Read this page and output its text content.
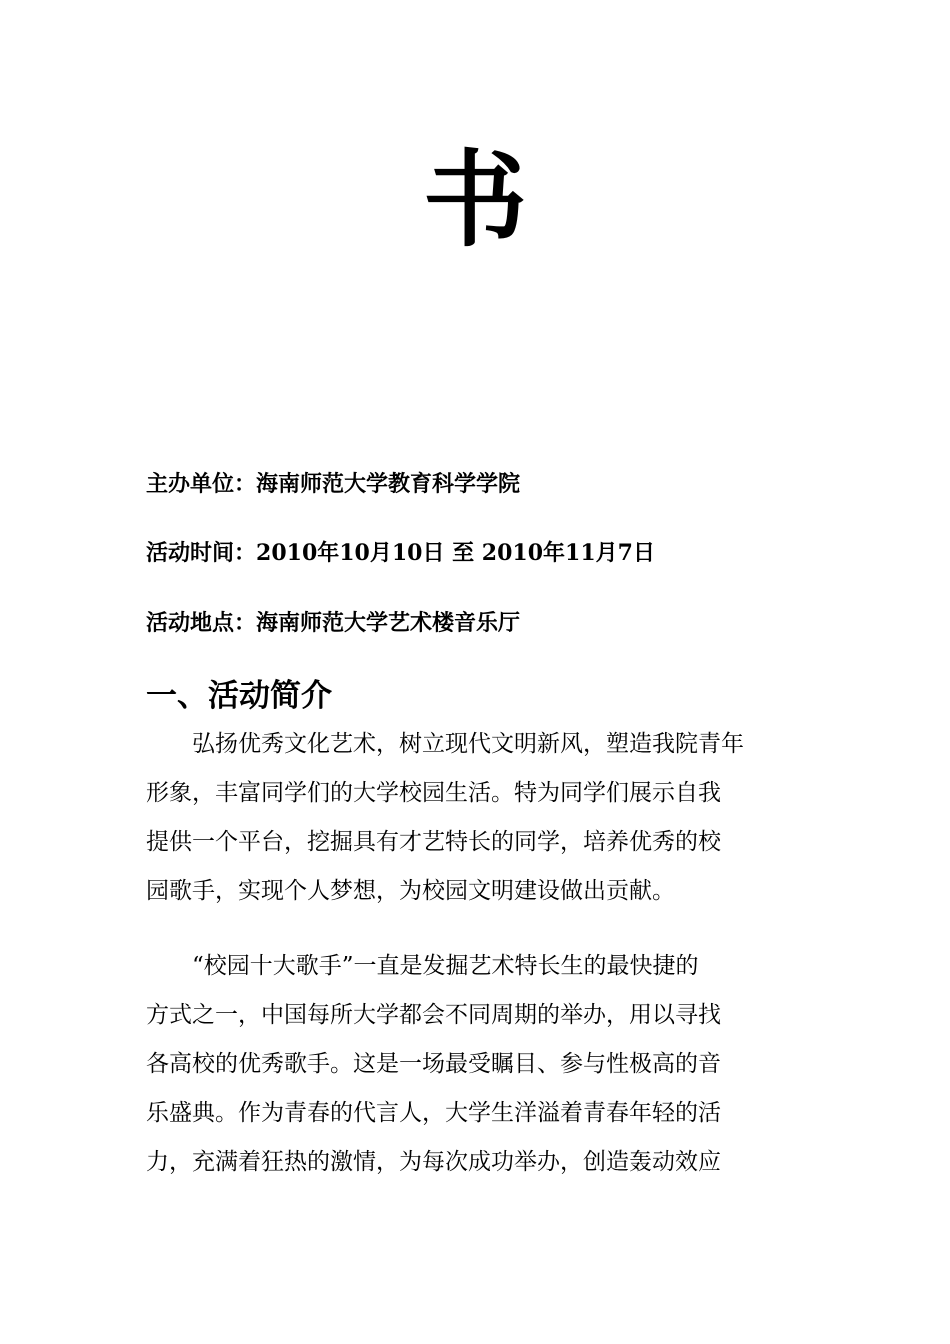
书
主办单位：海南师范大学教育科学学院
活动时间：2010年10月10日 至 2010年11月7日
活动地点：海南师范大学艺术楼音乐厅
一、活动简介
弘扬优秀文化艺术，树立现代文明新风，塑造我院青年
形象，丰富同学们的大学校园生活。特为同学们展示自我
提供一个平台，挖掘具有才艺特长的同学，培养优秀的校
园歌手，实现个人梦想，为校园文明建设做出贡献。
“校园十大歌手”一直是发掘艺术特长生的最快捷的
方式之一，中国每所大学都会不同周期的举办，用以寻找
各高校的优秀歌手。这是一场最受瞩目、参与性极高的音
乐盛典。作为青春的代言人，大学生洋溢着青春年轻的活
力，充满着狂热的激情，为每次成功举办，创造轰动效应
